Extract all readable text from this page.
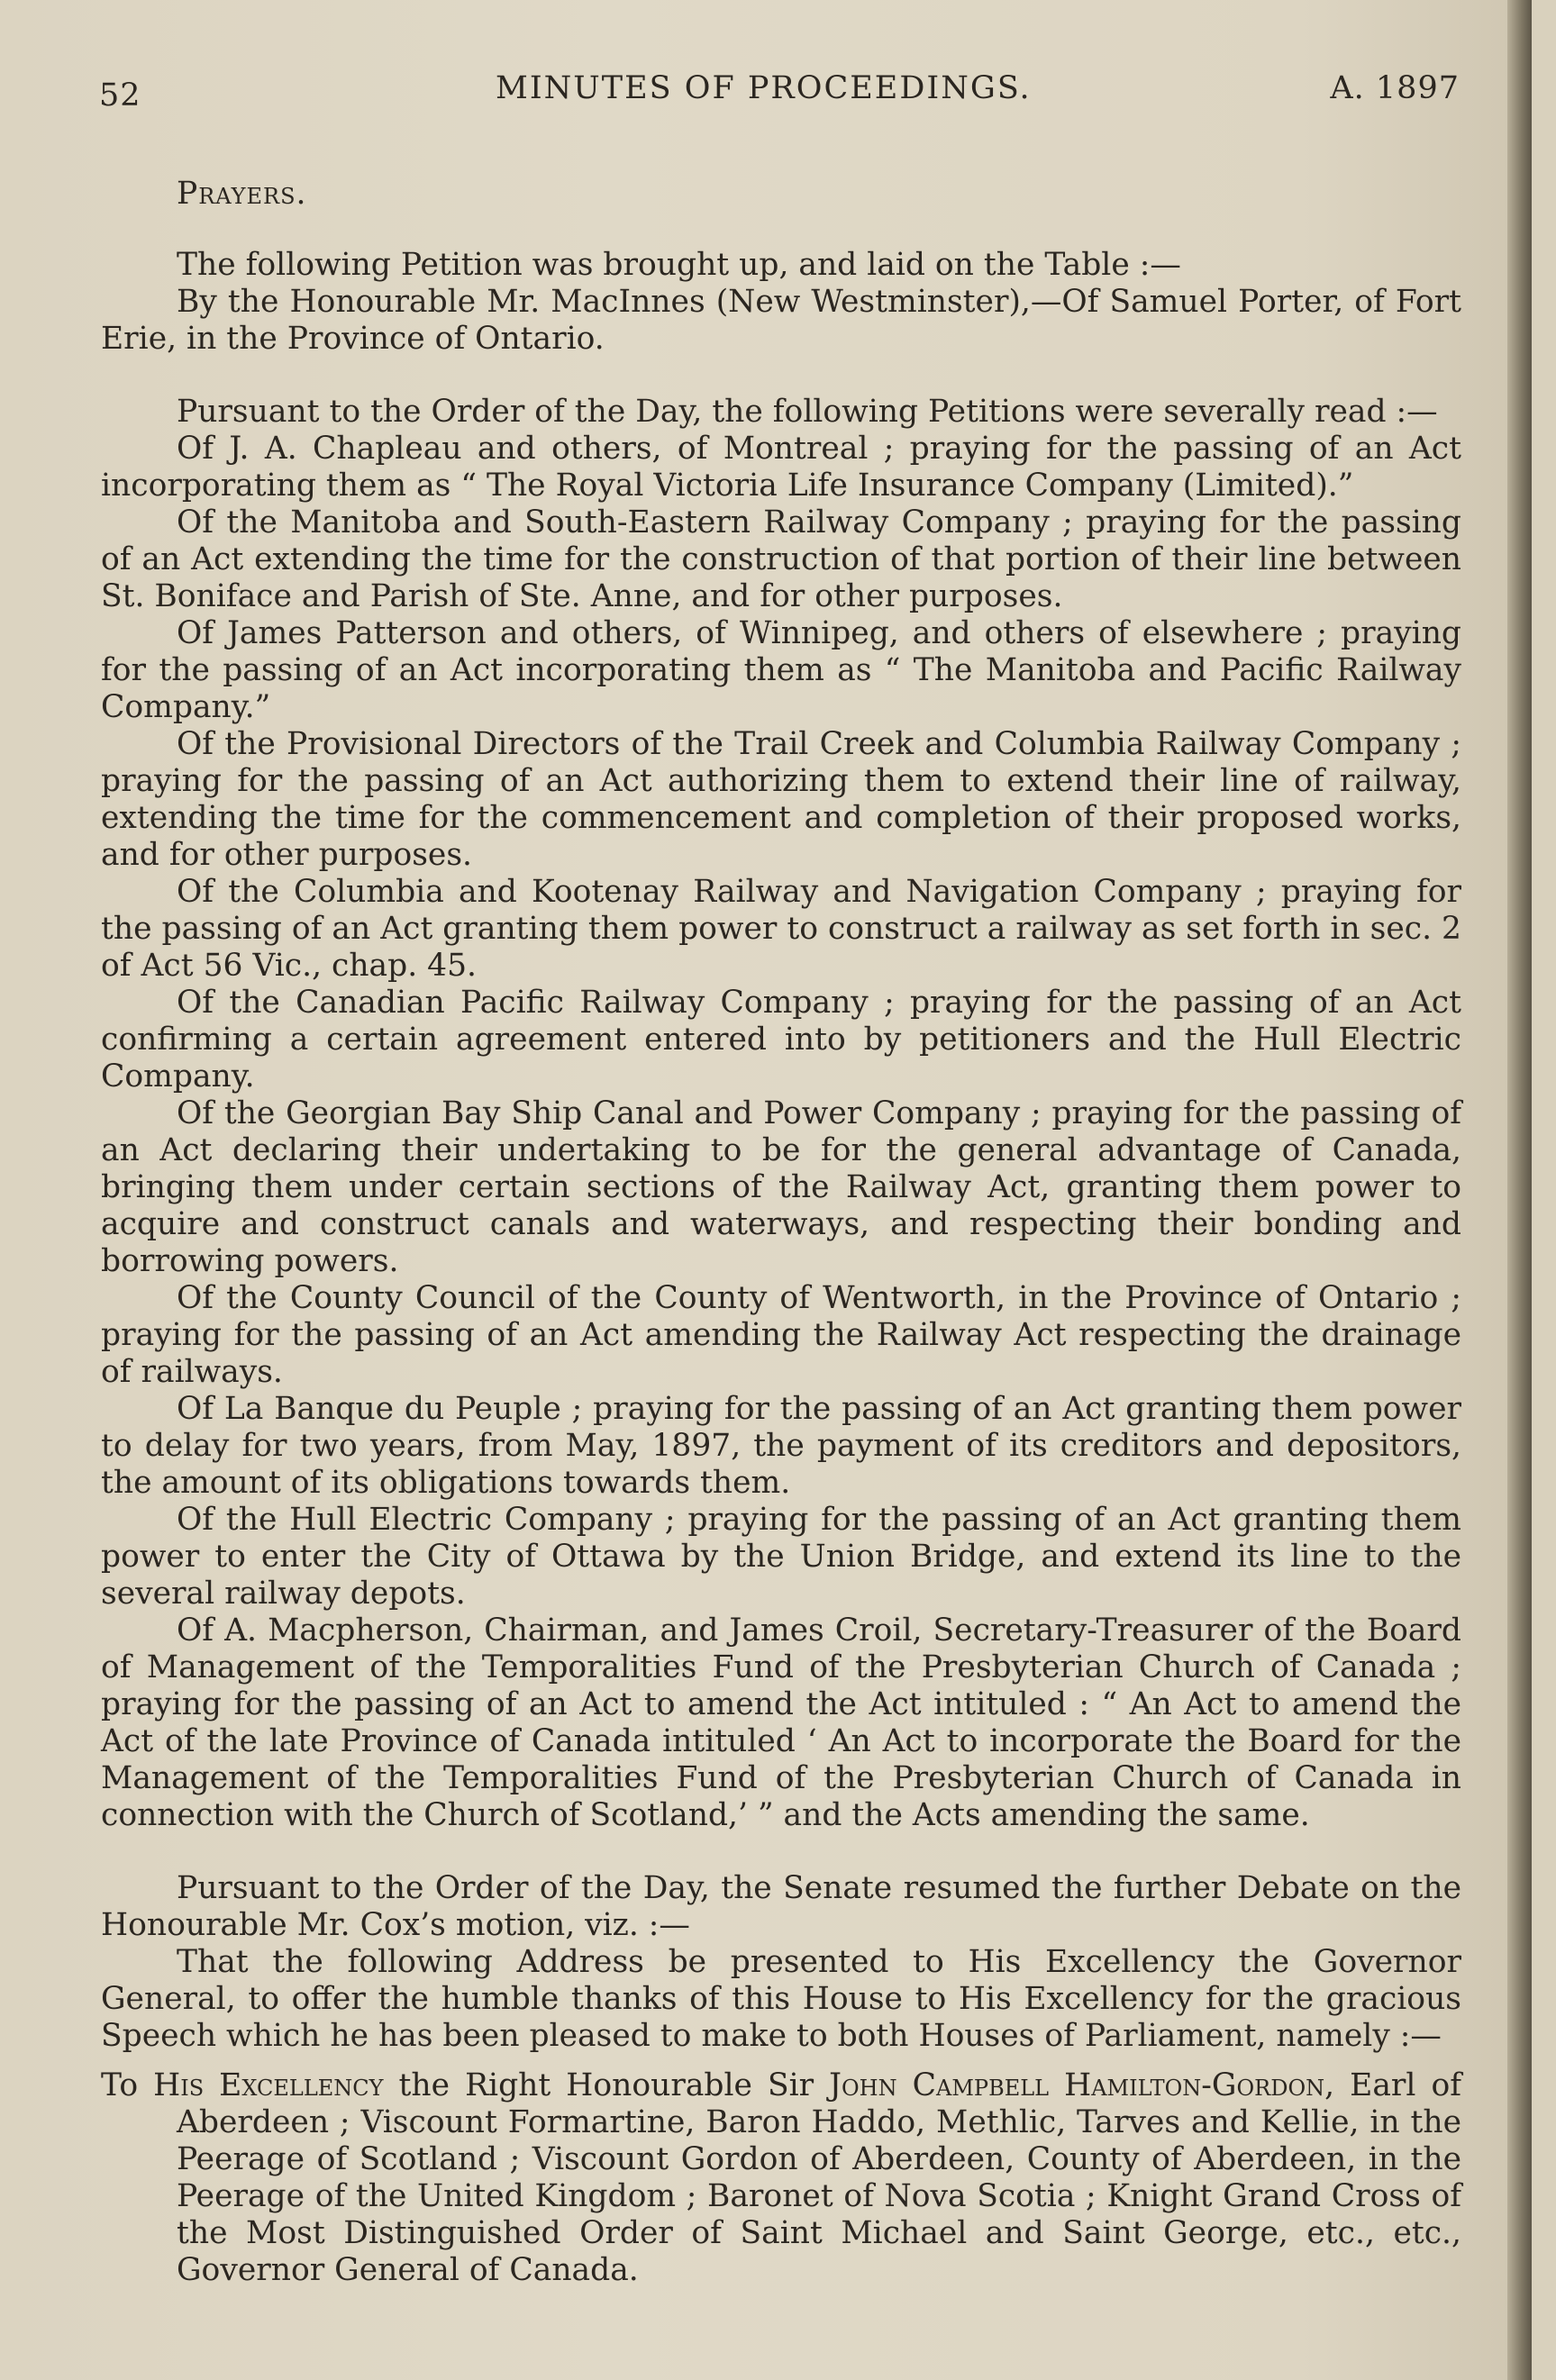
52	MINUTES OF PROCEEDINGS.	A. 1897

Prayers.

The following Petition was brought up, and laid on the Table :—

By the Honourable Mr. MacInnes (New Westminster),—Of Samuel Porter, of Fort Erie, in the Province of Ontario.

Pursuant to the Order of the Day, the following Petitions were severally read :—

Of J. A. Chapleau and others, of Montreal ; praying for the passing of an Act incorporating them as “ The Royal Victoria Life Insurance Company (Limited).”

Of the Manitoba and South-Eastern Railway Company ; praying for the passing of an Act extending the time for the construction of that portion of their line between St. Boniface and Parish of Ste. Anne, and for other purposes.

Of James Patterson and others, of Winnipeg, and others of elsewhere ; praying for the passing of an Act incorporating them as “ The Manitoba and Pacific Railway Company.”

Of the Provisional Directors of the Trail Creek and Columbia Railway Company ; praying for the passing of an Act authorizing them to extend their line of railway, extending the time for the commencement and completion of their proposed works, and for other purposes.

Of the Columbia and Kootenay Railway and Navigation Company ; praying for the passing of an Act granting them power to construct a railway as set forth in sec. 2 of Act 56 Vic., chap. 45.

Of the Canadian Pacific Railway Company ; praying for the passing of an Act confirming a certain agreement entered into by petitioners and the Hull Electric Company.

Of the Georgian Bay Ship Canal and Power Company ; praying for the passing of an Act declaring their undertaking to be for the general advantage of Canada, bringing them under certain sections of the Railway Act, granting them power to acquire and construct canals and waterways, and respecting their bonding and borrowing powers.

Of the County Council of the County of Wentworth, in the Province of Ontario ; praying for the passing of an Act amending the Railway Act respecting the drainage of railways.

Of La Banque du Peuple ; praying for the passing of an Act granting them power to delay for two years, from May, 1897, the payment of its creditors and depositors, the amount of its obligations towards them.

Of the Hull Electric Company ; praying for the passing of an Act granting them power to enter the City of Ottawa by the Union Bridge, and extend its line to the several railway depots.

Of A. Macpherson, Chairman, and James Croil, Secretary-Treasurer of the Board of Management of the Temporalities Fund of the Presbyterian Church of Canada ; praying for the passing of an Act to amend the Act intituled : “ An Act to amend the Act of the late Province of Canada intituled ‘ An Act to incorporate the Board for the Management of the Temporalities Fund of the Presbyterian Church of Canada in connection with the Church of Scotland,’ ” and the Acts amending the same.

Pursuant to the Order of the Day, the Senate resumed the further Debate on the Honourable Mr. Cox’s motion, viz. :—

That the following Address be presented to His Excellency the Governor General, to offer the humble thanks of this House to His Excellency for the gracious Speech which he has been pleased to make to both Houses of Parliament, namely :—

To His Excellency the Right Honourable Sir John Campbell Hamilton-Gordon, Earl of Aberdeen ; Viscount Formartine, Baron Haddo, Methlic, Tarves and Kellie, in the Peerage of Scotland ; Viscount Gordon of Aberdeen, County of Aberdeen, in the Peerage of the United Kingdom ; Baronet of Nova Scotia ; Knight Grand Cross of the Most Distinguished Order of Saint Michael and Saint George, etc., etc., Governor General of Canada.
